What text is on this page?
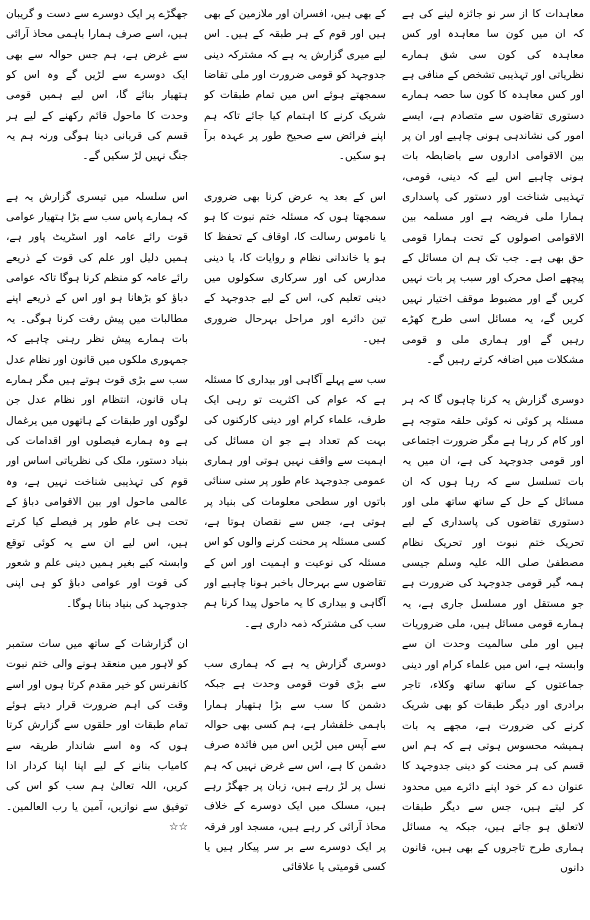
معاہدات کا از سر نو جائزہ لینے کی ہے کہ ان میں کون سا معاہدہ اور کس معاہدہ کی کون سی شق ہمارے نظریاتی اور تہذیبی تشخص کے منافی ہے اور کس معاہدہ کا کون سا حصہ ہمارے دستوری تقاضوں سے متصادم ہے، ایسے امور کی نشاندہی ہونی چاہیے اور ان پر بین الاقوامی اداروں سے باضابطہ بات ہونی چاہیے اس لیے کہ دینی، قومی، تہذیبی شناخت اور دستور کی پاسداری ہمارا ملی فریضہ ہے اور مسلمہ بین الاقوامی اصولوں کے تحت ہمارا قومی حق بھی ہے۔ جب تک ہم ان مسائل کے پیچھے اصل محرک اور سبب پر بات نہیں کریں گے اور مضبوط موقف اختیار نہیں کریں گے، یہ مسائل اسی طرح کھڑے رہیں گے اور ہماری ملی و قومی مشکلات میں اضافہ کرتے رہیں گے۔

دوسری گزارش یہ کرنا چاہوں گا کہ ہر مسئلہ پر کوئی نہ کوئی حلقہ متوجہ ہے اور کام کر رہا ہے مگر ضرورت اجتماعی اور قومی جدوجہد کی ہے، ان میں یہ بات تسلسل سے کہ رہا ہوں کہ ان مسائل کے حل کے ساتھ ساتھ ملی اور دستوری تقاضوں کی پاسداری کے لیے تحریک ختم نبوت اور تحریک نظام مصطفیٰ صلی اللہ علیہ وسلم جیسی ہمہ گیر قومی جدوجہد کی ضرورت ہے جو مستقل اور مسلسل جاری ہے، یہ ہمارے قومی مسائل ہیں، ملی ضروریات ہیں اور ملی سالمیت وحدت ان سے وابستہ ہے، اس میں علماء کرام اور دینی جماعتوں کے ساتھ ساتھ وکلاء، تاجر برادری اور دیگر طبقات کو بھی شریک کرنے کی ضرورت ہے، مجھے یہ بات ہمیشہ محسوس ہوتی ہے کہ ہم اس قسم کی ہر محنت کو دینی جدوجہد کا عنوان دے کر خود اپنے دائرے میں محدود کر لیتے ہیں، جس سے دیگر طبقات لاتعلق ہو جاتے ہیں، جبکہ یہ مسائل ہماری طرح تاجروں کے بھی ہیں، قانون دانوں

کے بھی ہیں، افسران اور ملازمین کے بھی ہیں اور قوم کے ہر طبقہ کے ہیں۔ اس لیے میری گزارش یہ ہے کہ مشترکہ دینی جدوجہد کو قومی ضرورت اور ملی تقاضا سمجھتے ہوئے اس میں تمام طبقات کو شریک کرنے کا اہتمام کیا جائے تاکہ ہم اپنے فرائض سے صحیح طور پر عہدہ برآ ہو سکیں۔

اس کے بعد یہ عرض کرنا بھی ضروری سمجھتا ہوں کہ مسئلہ ختم نبوت کا ہو یا ناموس رسالت کا، اوقاف کے تحفظ کا ہو یا خاندانی نظام و روایات کا، یا دینی مدارس کی اور سرکاری سکولوں میں دینی تعلیم کی، اس کے لیے جدوجہد کے تین دائرے اور مراحل بہرحال ضروری ہیں۔

سب سے پہلے آگاہی اور بیداری کا مسئلہ ہے کہ عوام کی اکثریت تو رہی ایک طرف، علماء کرام اور دینی کارکنوں کی بہت کم تعداد ہے جو ان مسائل کی اہمیت سے واقف نہیں ہوتی اور ہماری عمومی جدوجہد عام طور پر سنی سنائی باتوں اور سطحی معلومات کی بنیاد پر ہوتی ہے، جس سے نقصان ہوتا ہے، کسی مسئلہ پر محنت کرنے والوں کو اس مسئلہ کی نوعیت و اہمیت اور اس کے تقاضوں سے بہرحال باخبر ہونا چاہیے اور آگاہی و بیداری کا یہ ماحول پیدا کرنا ہم سب کی مشترکہ ذمہ داری ہے۔

دوسری گزارش یہ ہے کہ ہماری سب سے بڑی قوت قومی وحدت ہے جبکہ دشمن کا سب سے بڑا ہتھیار ہمارا باہمی خلفشار ہے، ہم کسی بھی حوالہ سے آپس میں لڑیں اس میں فائدہ صرف دشمن کا ہے، اس سے غرض نہیں کہ ہم نسل پر لڑ رہے ہیں، زبان پر جھگڑ رہے ہیں، مسلک میں ایک دوسرے کے خلاف محاذ آرائی کر رہے ہیں، مسجد اور فرقہ پر ایک دوسرے سے بر سر پیکار ہیں یا کسی قومیتی یا علاقائی

جھگڑے پر ایک دوسرے سے دست و گریبان ہیں، اسے صرف ہمارا باہمی محاذ آرائی سے غرض ہے، ہم جس حوالہ سے بھی ایک دوسرے سے لڑیں گے وہ اس کو ہتھیار بنائے گا، اس لیے ہمیں قومی وحدت کا ماحول قائم رکھنے کے لیے ہر قسم کی قربانی دینا ہوگی ورنہ ہم یہ جنگ نہیں لڑ سکیں گے۔

اس سلسلہ میں تیسری گزارش یہ ہے کہ ہمارے پاس سب سے بڑا ہتھیار عوامی قوت رائے عامہ اور اسٹریٹ پاور ہے، ہمیں دلیل اور علم کی قوت کے ذریعے رائے عامہ کو منظم کرنا ہوگا تاکہ عوامی دباؤ کو بڑھانا ہو اور اس کے ذریعے اپنے مطالبات میں پیش رفت کرنا ہوگی۔ یہ بات ہمارے پیش نظر رہنی چاہیے کہ جمہوری ملکوں میں قانون اور نظام عدل سب سے بڑی قوت ہوتے ہیں مگر ہمارے ہاں قانون، انتظام اور نظام عدل جن لوگوں اور طبقات کے ہاتھوں میں یرغمال ہے وہ ہمارے فیصلوں اور اقدامات کی بنیاد دستور، ملک کی نظریاتی اساس اور قوم کی تہذیبی شناخت نہیں ہے، وہ عالمی ماحول اور بین الاقوامی دباؤ کے تحت ہی عام طور پر فیصلے کیا کرتے ہیں، اس لیے ان سے یہ کوئی توقع وابستہ کیے بغیر ہمیں دینی علم و شعور کی قوت اور عوامی دباؤ کو ہی اپنی جدوجہد کی بنیاد بنانا ہوگا۔

ان گزارشات کے ساتھ میں سات ستمبر کو لاہور میں منعقد ہونے والی ختم نبوت کانفرنس کو خیر مقدم کرتا ہوں اور اسے وقت کی اہم ضرورت قرار دیتے ہوئے تمام طبقات اور حلقوں سے گزارش کرتا ہوں کہ وہ اسے شاندار طریقہ سے کامیاب بنانے کے لیے اپنا اپنا کردار ادا کریں، اللہ تعالیٰ ہم سب کو اس کی توفیق سے نوازیں، آمین یا رب العالمین۔ ☆☆
